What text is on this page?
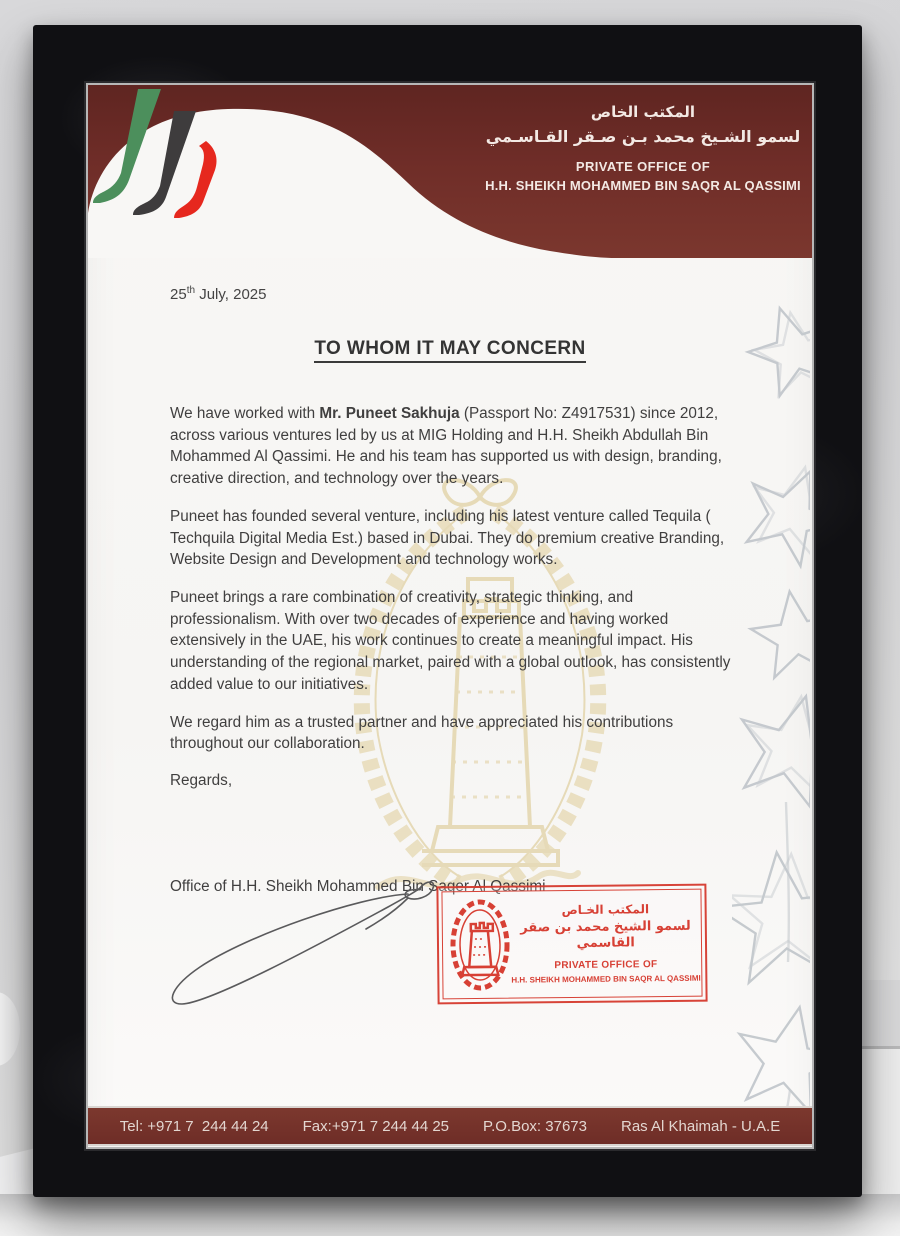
المكتب الخاص
لسمو الشـيخ محمد بـن صـقر القـاسـمي
PRIVATE OFFICE OF
H.H. SHEIKH MOHAMMED BIN SAQR AL QASSIMI
25th July, 2025
TO WHOM IT MAY CONCERN

We have worked with Mr. Puneet Sakhuja (Passport No: Z4917531) since 2012, across various ventures led by us at MIG Holding and H.H. Sheikh Abdullah Bin Mohammed Al Qassimi. He and his team has supported us with design, branding, creative direction, and technology over the years.

Puneet has founded several venture, including his latest venture called Tequila ( Techquila Digital Media Est.) based in Dubai. They do premium creative Branding, Website Design and Development and technology works.

Puneet brings a rare combination of creativity, strategic thinking, and professionalism. With over two decades of experience and having worked extensively in the UAE, his work continues to create a meaningful impact. His understanding of the regional market, paired with a global outlook, has consistently added value to our initiatives.

We regard him as a trusted partner and have appreciated his contributions throughout our collaboration.

Regards,

Office of H.H. Sheikh Mohammed Bin Saqer Al Qassimi
المكتب الخـاص
لسمو الشيخ محمد بن صقر القاسمي
PRIVATE OFFICE OF
H.H. SHEIKH MOHAMMED BIN SAQR AL QASSIMI
Tel: +971 7  244 44 24 Fax:+971 7 244 44 25 P.O.Box: 37673 Ras Al Khaimah - U.A.E
